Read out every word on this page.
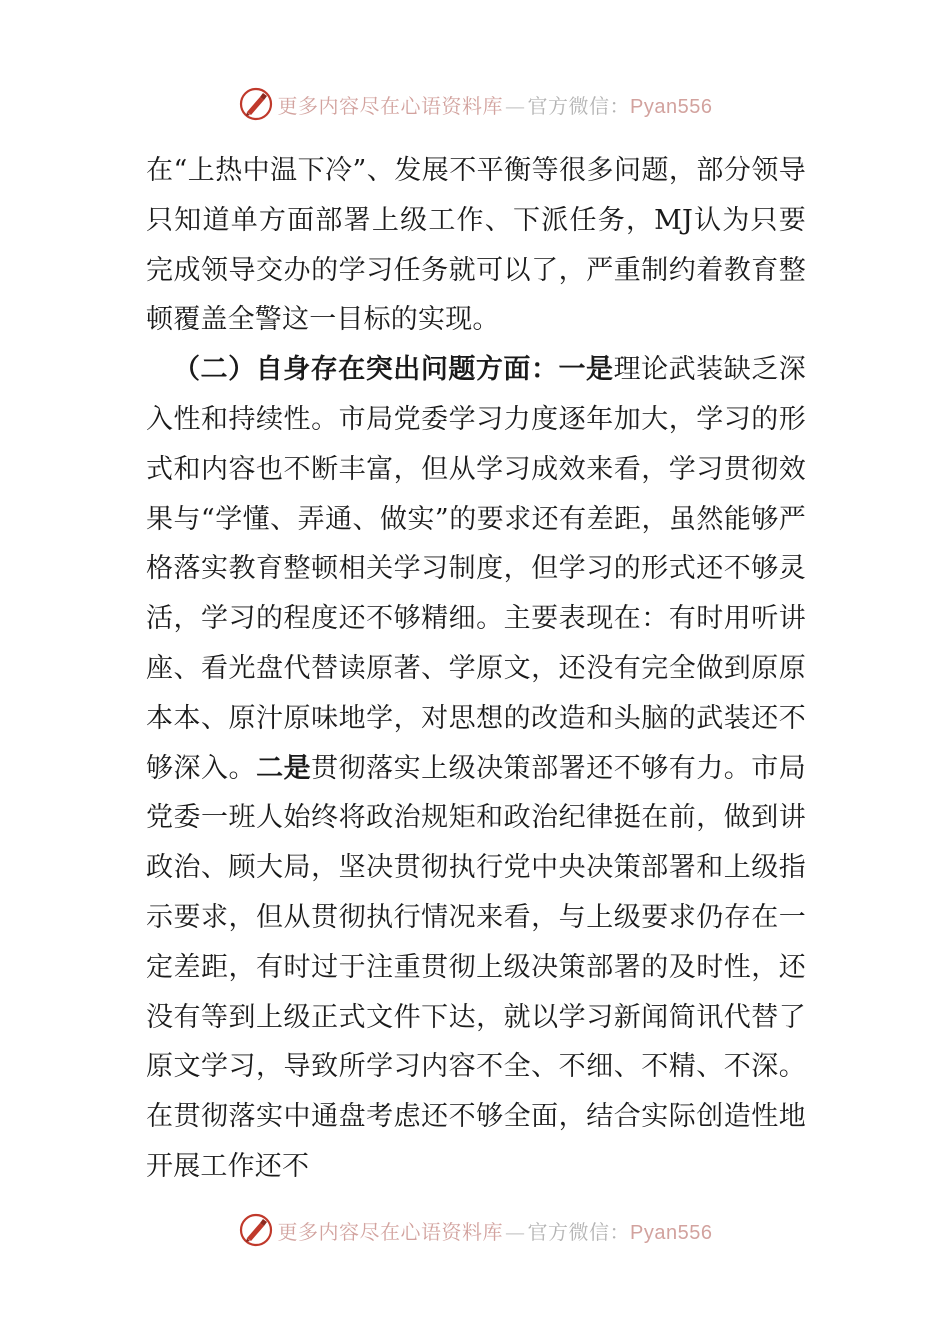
更多内容尽在心语资料库 — 官方微信：Pyan556

在“上热中温下冷”、发展不平衡等很多问题，部分领导只知道单方面部署上级工作、下派任务，MJ认为只要完成领导交办的学习任务就可以了，严重制约着教育整顿覆盖全警这一目标的实现。

（二）自身存在突出问题方面：一是理论武装缺乏深入性和持续性。市局党委学习力度逐年加大，学习的形式和内容也不断丰富，但从学习成效来看，学习贯彻效果与“学懂、弄通、做实”的要求还有差距，虽然能够严格落实教育整顿相关学习制度，但学习的形式还不够灵活，学习的程度还不够精细。主要表现在：有时用听讲座、看光盘代替读原著、学原文，还没有完全做到原原本本、原汁原味地学，对思想的改造和头脑的武装还不够深入。二是贯彻落实上级决策部署还不够有力。市局党委一班人始终将政治规矩和政治纪律挺在前，做到讲政治、顾大局，坚决贯彻执行党中央决策部署和上级指示要求，但从贯彻执行情况来看，与上级要求仍存在一定差距，有时过于注重贯彻上级决策部署的及时性，还没有等到上级正式文件下达，就以学习新闻简讯代替了原文学习，导致所学习内容不全、不细、不精、不深。在贯彻落实中通盘考虑还不够全面，结合实际创造性地开展工作还不

更多内容尽在心语资料库 — 官方微信：Pyan556
